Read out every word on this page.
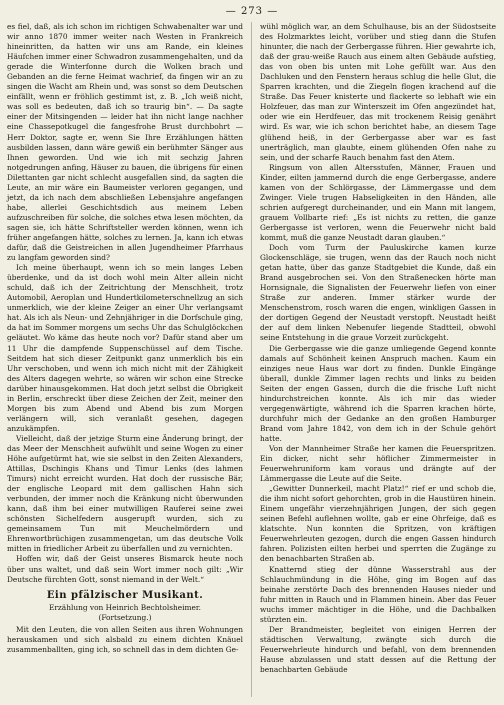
— 273 —

es fiel, daß, als ich schon im richtigen Schwabenalter war und wir anno 1870 immer weiter nach Westen in Frankreich hineinritten, da hatten wir uns am Rande, ein kleines Häufchen immer einer Schwadron zusammengehalten, und da gerade die Winterfonne durch die Wolken brach und Gebanden an die ferne Heimat wachrief, da fingen wir an zu singen die Wacht am Rhein und, was sonst so dem Deutschen einfällt, wenn er fröhlich gestimmt ist, z. B. „Ich weiß nicht, was soll es bedeuten, daß ich so traurig bin“. — Da sagte einer der Mitsingenden — leider hat ihn nicht lange nachher eine Chassepotkugel die fangesfrohe Brust durchbohrt — Herr Doktor, sagte er, wenn Sie Ihre Erzählungen hätten ausbilden lassen, dann wäre gewiß ein berühmter Sänger aus Ihnen geworden. Und wie ich mit sechzig Jahren notgedrungen anfing, Häuser zu bauen, die übrigens für einen Dilettanten gar nicht schlecht ausgefallen sind, da sagten die Leute, an mir wäre ein Baumeister verloren gegangen, und jetzt, da ich nach dem abschließen Lebensjahre angefangen habe, allerlei Geschichtsdich aus meinem Leben aufzuschreiben für solche, die solches etwa lesen möchten, da sagen sie, ich hätte Schriftsteller werden können, wenn ich früher angefangen hätte, solches zu lernen. Ja, kann ich etwas dafür, daß die Geistreichen in allen Jugendheimer Pfarrhaus zu langfam geworden sind?

Ich meine überhaupt, wenn ich so mein langes Leben überdenke, und da ist doch wohl mein Alter allein nicht schuld, daß ich der Zeitrichtung der Menschheit, trotz Automobil, Aeroplan und Hundertkilometerschnellzug an sich unmerklich, wie der kleine Zeiger an einer Uhr verlangsamt hat. Als ich als Neun- und Zehnjähriger in die Dorfschule ging, da hat im Sommer morgens um sechs Uhr das Schulglöckchen geläutet. Wo käme das heute noch vor? Dafür stand aber um 11 Uhr die dampfende Suppenschüssel auf dem Tische. Seitdem hat sich dieser Zeitpunkt ganz unmerklich bis ein Uhr verschoben, und wenn ich mich nicht mit der Zähigkeit des Alters dagegen wehrte, so wären wir schon eine Strecke darüber hinausgekommen. Hat doch jetzt selbst die Obrigkeit in Berlin, erschreckt über diese Zeichen der Zeit, meiner den Morgen bis zum Abend und Abend bis zum Morgen verlängern will, sich veranlaßt gesehen, dagegen anzukämpfen.

Vielleicht, daß der jetzige Sturm eine Änderung bringt, der das Meer der Menschheit aufwühlt und seine Wogen zu einer Höhe aufgetürmt hat, wie sie selbst in den Zeiten Alexanders, Attillas, Dschingis Khans und Timur Lenks (des lahmen Timurs) nicht erreicht wurden. Hat doch der russische Bär, der englische Leopard mit dem gallischen Hahn sich verbunden, der immer noch die Kränkung nicht überwunden kann, daß ihm bei einer mutwilligen Rauferei seine zwei schönsten Sichelfedern ausgerupft wurden, sich zu gemeinsamem Tun mit Meuchelmördern und Ehrenwortbrüchigen zusammengetan, um das deutsche Volk mitten in friedlicher Arbeit zu überfallen und zu vernichten.

Hoffen wir, daß der Geist unseres Bismarck heute noch über uns waltet, und daß sein Wort immer noch gilt: „Wir Deutsche fürchten Gott, sonst niemand in der Welt.“

Ein pfälzischer Musikant.
Erzählung von Heinrich Bechtolsheimer.
(Fortsetzung.)

Mit den Leuten, die von allen Seiten aus ihren Wohnungen herauskamen und sich alsbald zu einem dichten Knäuel zusammenballten, ging ich, so schnell das in dem dichten Ge-

wühl möglich war, an dem Schulhause, bis an der Südostseite des Holzmarktes leicht, vorüber und stieg dann die Stufen hinunter, die nach der Gerbergasse führen. Hier gewahrte ich, daß der grau-weiße Rauch aus einem alten Gebäude aufstieg, das von oben bis unten mit Lohe gefüllt war. Aus den Dachluken und den Fenstern heraus schlug die helle Glut, die Sparren krachten, und die Ziegeln flogen krachend auf die Straße. Das Feuer knisterte und flackerte so lebhaft wie ein Holzfeuer, das man zur Winterszeit im Ofen angezündet hat, oder wie ein Herdfeuer, das mit trockenem Reisig genährt wird. Es war, wie ich schon berichtet habe, an diesem Tage glühend heiß, in der Gerbergasse aber war es fast unerträglich, man glaubte, einem glühenden Ofen nahe zu sein, und der scharfe Rauch benahm fast den Atem.

Ringsum von allen Altersstufen, Männer, Frauen und Kinder, eilten jammernd durch die enge Gerbergasse, andere kamen von der Schlörgasse, der Lämmergasse und dem Zwinger. Viele trugen Habseligkeiten in den Händen, alle schrien aufgeregt durcheinander, und ein Mann mit langem, grauem Vollbarte rief: „Es ist nichts zu retten, die ganze Gerbergasse ist verloren, wenn die Feuerwehr nicht bald kommt, muß die ganze Neustadt daran glauben.“

Doch vom Turm der Pauluskirche kamen kurze Glockenschläge, sie trugen, wenn das der Rauch noch nicht getan hatte, über das ganze Stadtgebiet die Kunde, daß ein Brand ausgebrochen sei. Von den Straßenecken hörte man Hornsignale, die Signalisten der Feuerwehr liefen von einer Straße zur anderen. Immer stärker wurde der Menschenstrom, rosch waren die engen, winkligen Gassen in der dortigen Gegend der Neustadt verstopft. Neustadt heißt der auf dem linken Nebenufer liegende Stadtteil, obwohl seine Entstehung in die graue Vorzeit zurückgeht.

Die Gerbergasse wie die ganze umliegende Gegend konnte damals auf Schönheit keinen Anspruch machen. Kaum ein einziges neue Haus war dort zu finden. Dunkle Eingänge überall, dunkle Zimmer lagen rechts und links zu beiden Seiten der engen Gassen, durch die die frische Luft nicht hindurchstreichen konnte. Als ich mir das wieder vergegenwärtigte, während ich die Sparren krachen hörte, durchfuhr mich der Gedanke an den großen Hamburger Brand vom Jahre 1842, von dem ich in der Schule gehört hatte.

Von der Mannheimer Straße her kamen die Feuerspritzen. Ein dicker, nicht sehr höflicher Zimmermeister in Feuerwehruniform kam voraus und drängte auf der Lämmergasse die Leute auf die Seite.

„Gewitter Dunnerkeil, macht Platz!“ rief er und schob die, die ihm nicht sofort gehorchten, grob in die Haustüren hinein. Einem ungefähr vierzehnjährigen Jungen, der sich gegen seinen Befehl auflehnen wollte, gab er eine Ohrfeige, daß es klatschte. Nun konnten die Spritzen, von kräftigen Feuerwehrleuten gezogen, durch die engen Gassen hindurch fahren. Polizisten eilten herbei und sperrten die Zugänge zu den benachbarten Straßen ab.

Knatternd stieg der dünne Wasserstrahl aus der Schlauchmündung in die Höhe, ging im Bogen auf das beinahe zerstörte Dach des brennenden Hauses nieder und fuhr mitten in Rauch und in Flammen hinein. Aber das Feuer wuchs immer mächtiger in die Höhe, und die Dachbalken stürzten ein.

Der Brandmeister, begleitet von einigen Herren der städtischen Verwaltung, zwängte sich durch die Feuerwehrleute hindurch und befahl, von dem brennenden Hause abzulassen und statt dessen auf die Rettung der benachbarten Gebäude
